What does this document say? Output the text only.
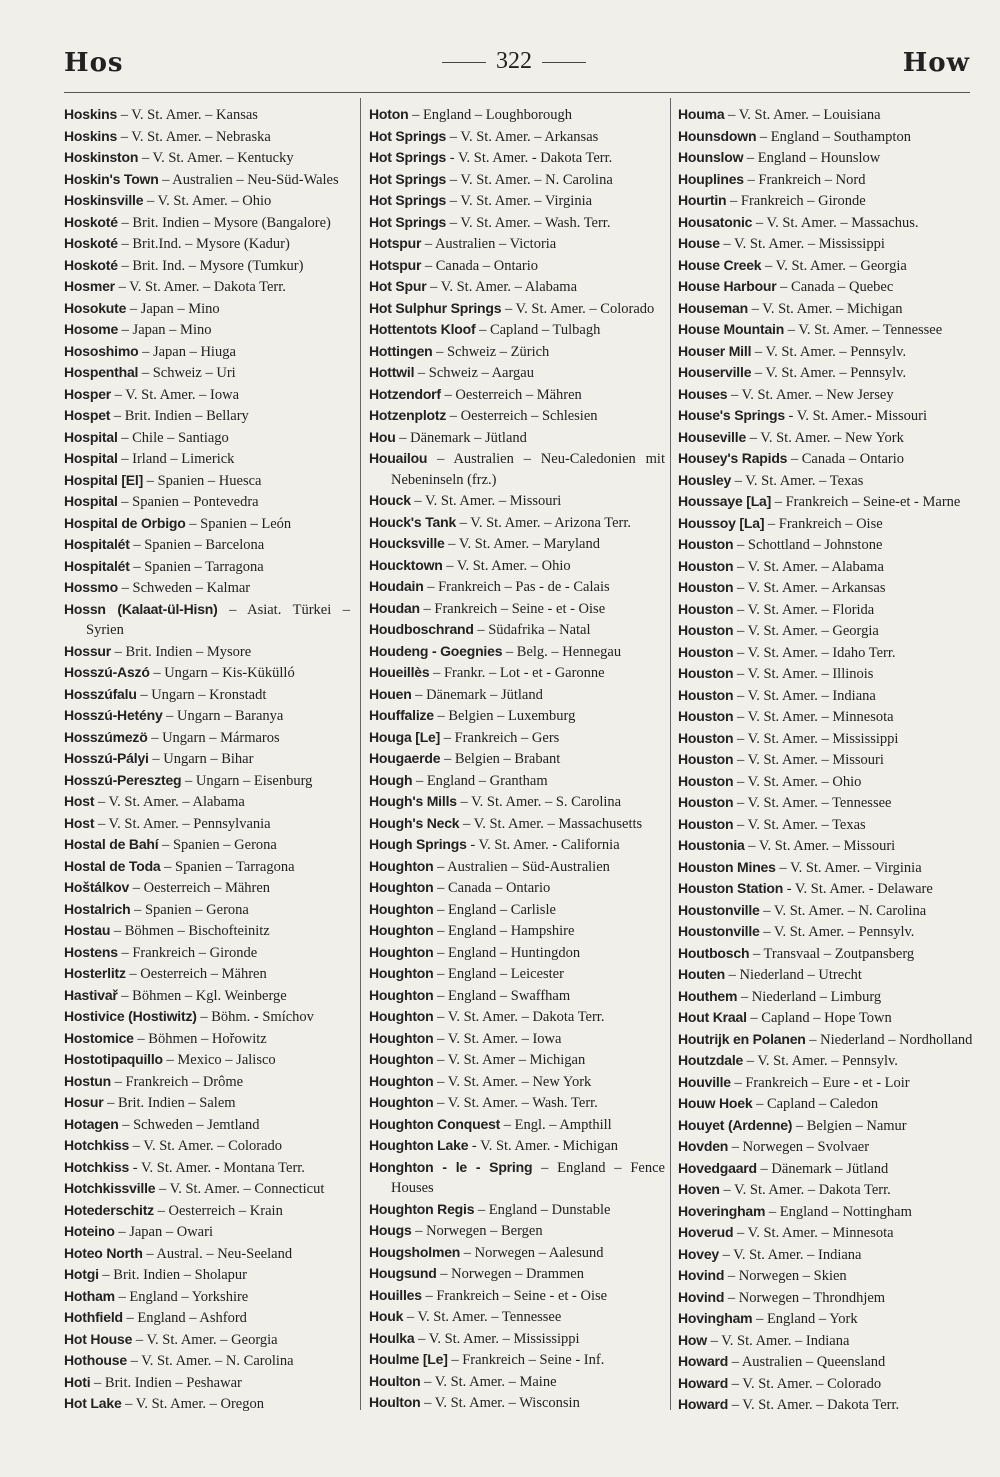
Hos	322	How

Hoskins – V. St. Amer. – Kansas

Hoskins – V. St. Amer. – Nebraska

Hoskinston – V. St. Amer. – Kentucky

Hoskin's Town – Australien – Neu-Süd-Wales

Hoskinsville – V. St. Amer. – Ohio

Hoskoté – Brit. Indien – Mysore (Bangalore)

Hoskoté – Brit.Ind. – Mysore (Kadur)

Hoskoté – Brit. Ind. – Mysore (Tumkur)

Hosmer – V. St. Amer. – Dakota Terr.

Hosokute – Japan – Mino

Hosome – Japan – Mino

Hososhimo – Japan – Hiuga

Hospenthal – Schweiz – Uri

Hosper – V. St. Amer. – Iowa

Hospet – Brit. Indien – Bellary

Hospital – Chile – Santiago

Hospital – Irland – Limerick

Hospital [El] – Spanien – Huesca

Hospital – Spanien – Pontevedra

Hospital de Orbigo – Spanien – León

Hospitalét – Spanien – Barcelona

Hospitalét – Spanien – Tarragona

Hossmo – Schweden – Kalmar

Hossn (Kalaat-ül-Hisn) – Asiat. Türkei – Syrien

Hossur – Brit. Indien – Mysore

Hosszú-Aszó – Ungarn – Kis-Kükülló

Hosszúfalu – Ungarn – Kronstadt

Hosszú-Hetény – Ungarn – Baranya

Hosszúmezö – Ungarn – Mármaros

Hosszú-Pályi – Ungarn – Bihar

Hosszú-Pereszteg – Ungarn – Eisenburg

Host – V. St. Amer. – Alabama

Host – V. St. Amer. – Pennsylvania

Hostal de Bahí – Spanien – Gerona

Hostal de Toda – Spanien – Tarragona

Hoštálkov – Oesterreich – Mähren

Hostalrich – Spanien – Gerona

Hostau – Böhmen – Bischofteinitz

Hostens – Frankreich – Gironde

Hosterlitz – Oesterreich – Mähren

Hastivař – Böhmen – Kgl. Weinberge

Hostivice (Hostiwitz) – Böhm. - Smíchov

Hostomice – Böhmen – Hořowitz

Hostotipaquillo – Mexico – Jalisco

Hostun – Frankreich – Drôme

Hosur – Brit. Indien – Salem

Hotagen – Schweden – Jemtland

Hotchkiss – V. St. Amer. – Colorado

Hotchkiss - V. St. Amer. - Montana Terr.

Hotchkissville – V. St. Amer. – Connecticut

Hotederschitz – Oesterreich – Krain

Hoteino – Japan – Owari

Hoteo North – Austral. – Neu-Seeland

Hotgi – Brit. Indien – Sholapur

Hotham – England – Yorkshire

Hothfield – England – Ashford

Hot House – V. St. Amer. – Georgia

Hothouse – V. St. Amer. – N. Carolina

Hoti – Brit. Indien – Peshawar

Hot Lake – V. St. Amer. – Oregon

Hoton – England – Loughborough

Hot Springs – V. St. Amer. – Arkansas

Hot Springs - V. St. Amer. - Dakota Terr.

Hot Springs – V. St. Amer. – N. Carolina

Hot Springs – V. St. Amer. – Virginia

Hot Springs – V. St. Amer. – Wash. Terr.

Hotspur – Australien – Victoria

Hotspur – Canada – Ontario

Hot Spur – V. St. Amer. – Alabama

Hot Sulphur Springs – V. St. Amer. – Colorado

Hottentots Kloof – Capland – Tulbagh

Hottingen – Schweiz – Zürich

Hottwil – Schweiz – Aargau

Hotzendorf – Oesterreich – Mähren

Hotzenplotz – Oesterreich – Schlesien

Hou – Dänemark – Jütland

Houailou – Australien – Neu-Caledonien mit Nebeninseln (frz.)

Houck – V. St. Amer. – Missouri

Houck's Tank – V. St. Amer. – Arizona Terr.

Houcksville – V. St. Amer. – Maryland

Houcktown – V. St. Amer. – Ohio

Houdain – Frankreich – Pas - de - Calais

Houdan – Frankreich – Seine - et - Oise

Houdboschrand – Südafrika – Natal

Houdeng - Goegnies – Belg. – Hennegau

Houeillès – Frankr. – Lot - et - Garonne

Houen – Dänemark – Jütland

Houffalize – Belgien – Luxemburg

Houga [Le] – Frankreich – Gers

Hougaerde – Belgien – Brabant

Hough – England – Grantham

Hough's Mills – V. St. Amer. – S. Carolina

Hough's Neck – V. St. Amer. – Massachusetts

Hough Springs - V. St. Amer. - California

Houghton – Australien – Süd-Australien

Houghton – Canada – Ontario

Houghton – England – Carlisle

Houghton – England – Hampshire

Houghton – England – Huntingdon

Houghton – England – Leicester

Houghton – England – Swaffham

Houghton – V. St. Amer. – Dakota Terr.

Houghton – V. St. Amer. – Iowa

Houghton – V. St. Amer – Michigan

Houghton – V. St. Amer. – New York

Houghton – V. St. Amer. – Wash. Terr.

Houghton Conquest – Engl. – Ampthill

Houghton Lake - V. St. Amer. - Michigan

Honghton - le - Spring – England – Fence Houses

Houghton Regis – England – Dunstable

Hougs – Norwegen – Bergen

Hougsholmen – Norwegen – Aalesund

Hougsund – Norwegen – Drammen

Houilles – Frankreich – Seine - et - Oise

Houk – V. St. Amer. – Tennessee

Houlka – V. St. Amer. – Mississippi

Houlme [Le] – Frankreich – Seine - Inf.

Houlton – V. St. Amer. – Maine

Houlton – V. St. Amer. – Wisconsin

Houma – V. St. Amer. – Louisiana

Hounsdown – England – Southampton

Hounslow – England – Hounslow

Houplines – Frankreich – Nord

Hourtin – Frankreich – Gironde

Housatonic – V. St. Amer. – Massachus.

House – V. St. Amer. – Mississippi

House Creek – V. St. Amer. – Georgia

House Harbour – Canada – Quebec

Houseman – V. St. Amer. – Michigan

House Mountain – V. St. Amer. – Tennessee

Houser Mill – V. St. Amer. – Pennsylv.

Houserville – V. St. Amer. – Pennsylv.

Houses – V. St. Amer. – New Jersey

House's Springs - V. St. Amer.- Missouri

Houseville – V. St. Amer. – New York

Housey's Rapids – Canada – Ontario

Housley – V. St. Amer. – Texas

Houssaye [La] – Frankreich – Seine-et - Marne

Houssoy [La] – Frankreich – Oise

Houston – Schottland – Johnstone

Houston – V. St. Amer. – Alabama

Houston – V. St. Amer. – Arkansas

Houston – V. St. Amer. – Florida

Houston – V. St. Amer. – Georgia

Houston – V. St. Amer. – Idaho Terr.

Houston – V. St. Amer. – Illinois

Houston – V. St. Amer. – Indiana

Houston – V. St. Amer. – Minnesota

Houston – V. St. Amer. – Mississippi

Houston – V. St. Amer. – Missouri

Houston – V. St. Amer. – Ohio

Houston – V. St. Amer. – Tennessee

Houston – V. St. Amer. – Texas

Houstonia – V. St. Amer. – Missouri

Houston Mines – V. St. Amer. – Virginia

Houston Station - V. St. Amer. - Delaware

Houstonville – V. St. Amer. – N. Carolina

Houstonville – V. St. Amer. – Pennsylv.

Houtbosch – Transvaal – Zoutpansberg

Houten – Niederland – Utrecht

Houthem – Niederland – Limburg

Hout Kraal – Capland – Hope Town

Houtrijk en Polanen – Niederland – Nordholland

Houtzdale – V. St. Amer. – Pennsylv.

Houville – Frankreich – Eure - et - Loir

Houw Hoek – Capland – Caledon

Houyet (Ardenne) – Belgien – Namur

Hovden – Norwegen – Svolvaer

Hovedgaard – Dänemark – Jütland

Hoven – V. St. Amer. – Dakota Terr.

Hoveringham – England – Nottingham

Hoverud – V. St. Amer. – Minnesota

Hovey – V. St. Amer. – Indiana

Hovind – Norwegen – Skien

Hovind – Norwegen – Throndhjem

Hovingham – England – York

How – V. St. Amer. – Indiana

Howard – Australien – Queensland

Howard – V. St. Amer. – Colorado

Howard – V. St. Amer. – Dakota Terr.
